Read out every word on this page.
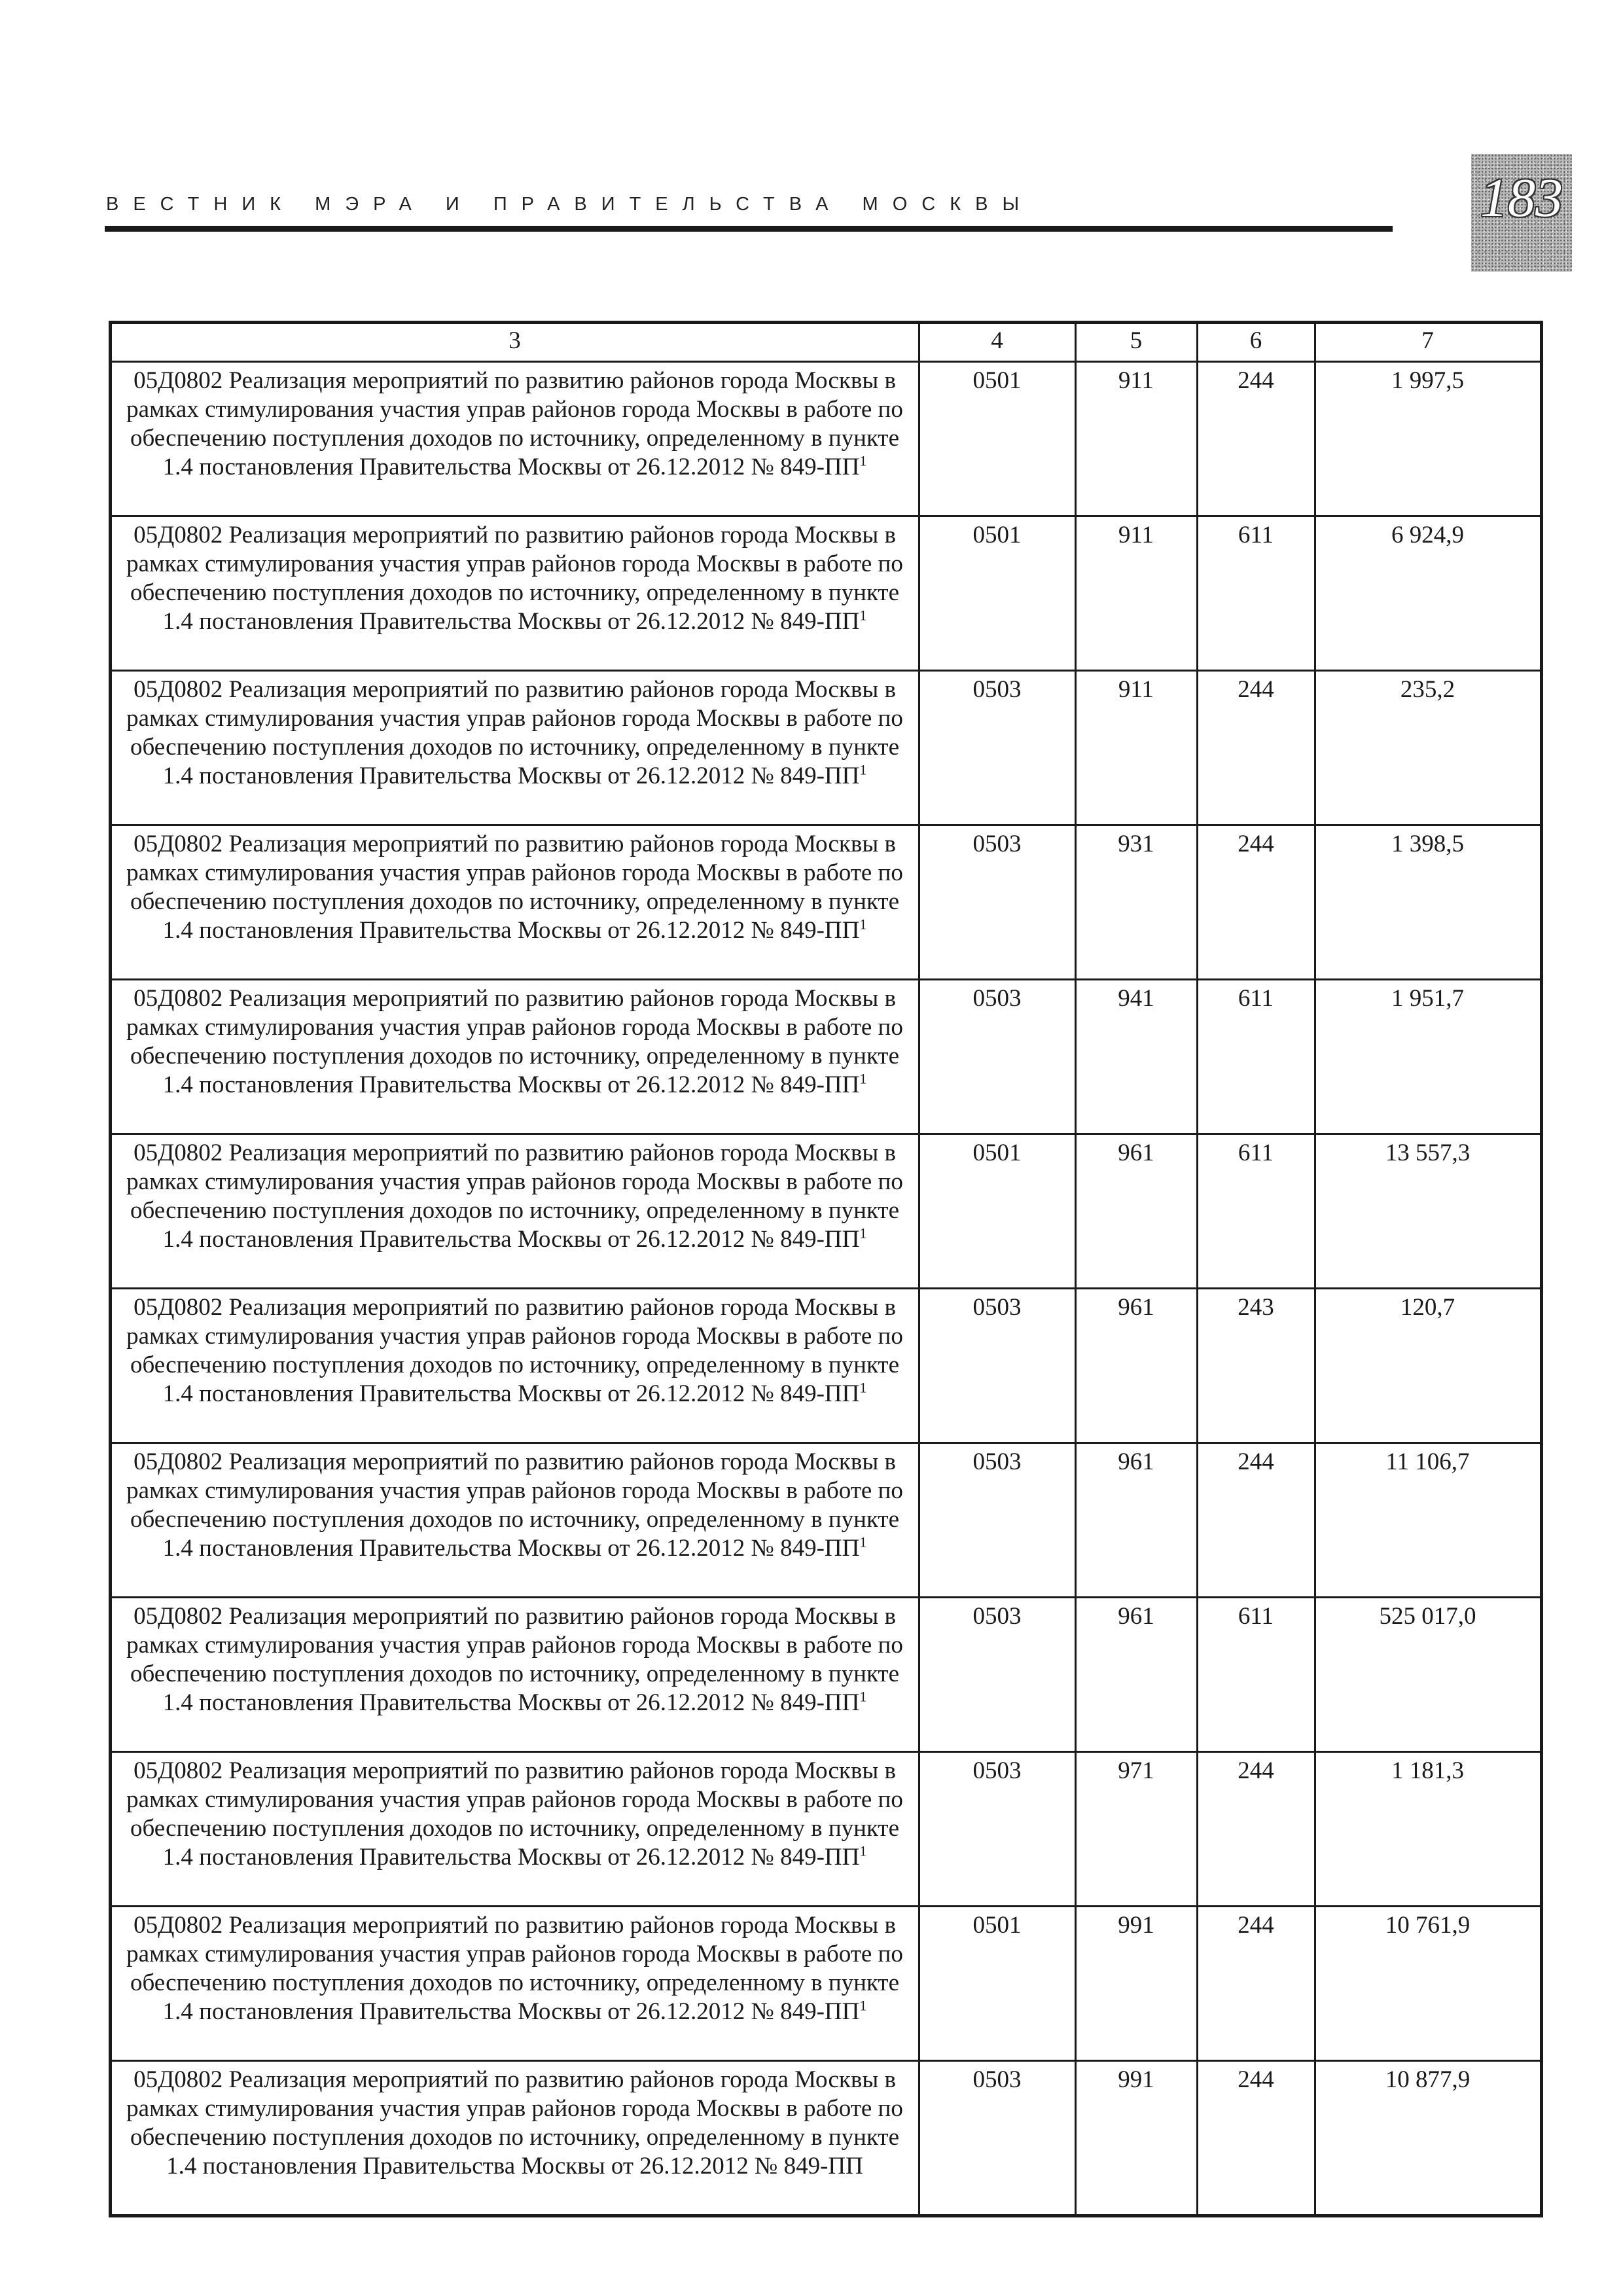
ВЕСТНИК МЭРА И ПРАВИТЕЛЬСТВА МОСКВЫ	183
	3	4	5	6	7
	05Д0802 Реализация мероприятий по развитию районов города Москвы в рамках стимулирования участия управ районов города Москвы в работе по обеспечению поступления доходов по источнику, определенному в пункте 1.4 постановления Правительства Москвы от 26.12.2012 № $849-ПП^1$	0501	911	244	1 997,5
	05Д0802 Реализация мероприятий по развитию районов города Москвы в рамках стимулирования участия управ районов города Москвы в работе по обеспечению поступления доходов по источнику, определенному в пункте 1.4 постановления Правительства Москвы от 26.12.2012 № $849-ПП^1$	0501	911	611	6 924,9
	05Д0802 Реализация мероприятий по развитию районов города Москвы в рамках стимулирования участия управ районов города Москвы в работе по обеспечению поступления доходов по источнику, определенному в пункте 1.4 постановления Правительства Москвы от 26.12.2012 № $849-ПП^1$	0503	911	244	235,2
	05Д0802 Реализация мероприятий по развитию районов города Москвы в рамках стимулирования участия управ районов города Москвы в работе по обеспечению поступления доходов по источнику, определенному в пункте 1.4 постановления Правительства Москвы от 26.12.2012 № $849-ПП^1$	0503	931	244	1 398,5
	05Д0802 Реализация мероприятий по развитию районов города Москвы в рамках стимулирования участия управ районов города Москвы в работе по обеспечению поступления доходов по источнику, определенному в пункте 1.4 постановления Правительства Москвы от 26.12.2012 № $849-ПП^1$	0503	941	611	1 951,7
	05Д0802 Реализация мероприятий по развитию районов города Москвы в рамках стимулирования участия управ районов города Москвы в работе по обеспечению поступления доходов по источнику, определенному в пункте 1.4 постановления Правительства Москвы от 26.12.2012 № $849-ПП^1$	0501	961	611	13 557,3
	05Д0802 Реализация мероприятий по развитию районов города Москвы в рамках стимулирования участия управ районов города Москвы в работе по обеспечению поступления доходов по источнику, определенному в пункте 1.4 постановления Правительства Москвы от 26.12.2012 № $849-ПП^1$	0503	961	243	120,7
	05Д0802 Реализация мероприятий по развитию районов города Москвы в рамках стимулирования участия управ районов города Москвы в работе по обеспечению поступления доходов по источнику, определенному в пункте 1.4 постановления Правительства Москвы от 26.12.2012 № $849-ПП^1$	0503	961	244	11 106,7
	05Д0802 Реализация мероприятий по развитию районов города Москвы в рамках стимулирования участия управ районов города Москвы в работе по обеспечению поступления доходов по источнику, определенному в пункте 1.4 постановления Правительства Москвы от 26.12.2012 № $849-ПП^1$	0503	961	611	525 017,0
	05Д0802 Реализация мероприятий по развитию районов города Москвы в рамках стимулирования участия управ районов города Москвы в работе по обеспечению поступления доходов по источнику, определенному в пункте 1.4 постановления Правительства Москвы от 26.12.2012 № $849-ПП^1$	0503	971	244	1 181,3
	05Д0802 Реализация мероприятий по развитию районов города Москвы в рамках стимулирования участия управ районов города Москвы в работе по обеспечению поступления доходов по источнику, определенному в пункте 1.4 постановления Правительства Москвы от 26.12.2012 № $849-ПП^1$	0501	991	244	10 761,9
	05Д0802 Реализация мероприятий по развитию районов города Москвы в рамках стимулирования участия управ районов города Москвы в работе по обеспечению поступления доходов по источнику, определенному в пункте 1.4 постановления Правительства Москвы от 26.12.2012 № 849-ПП	0503	991	244	10 877,9
